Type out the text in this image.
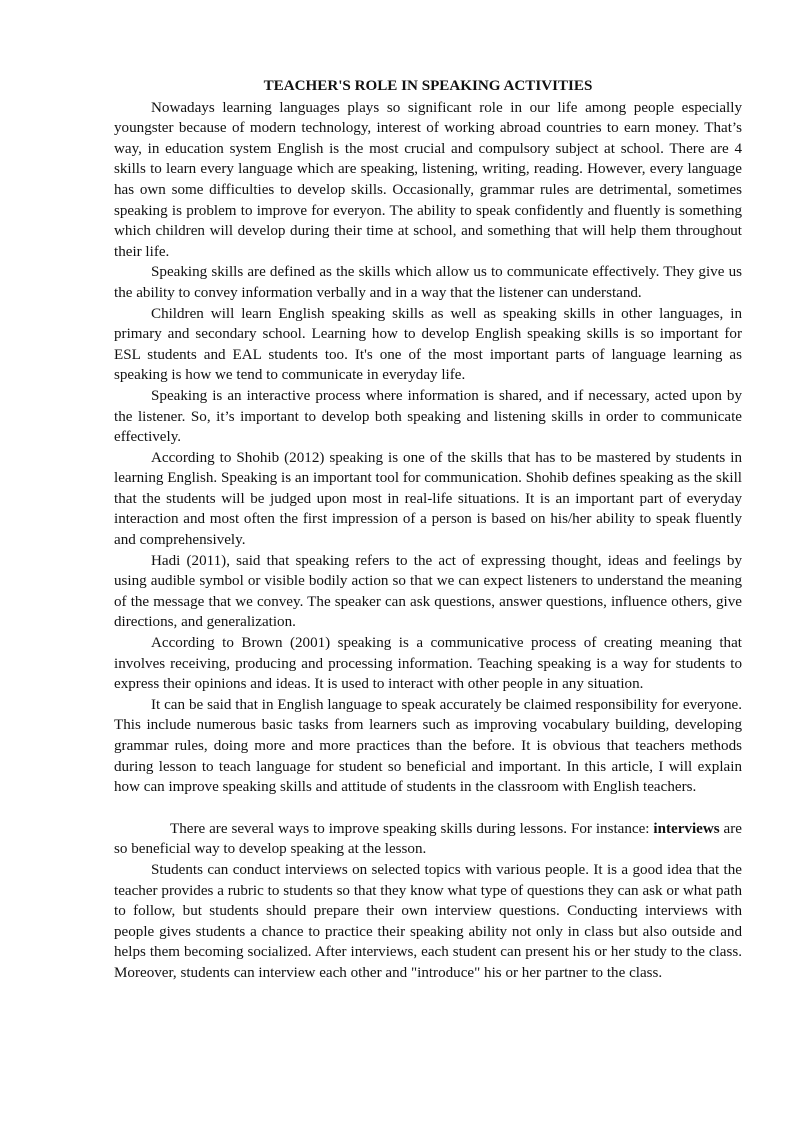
TEACHER'S ROLE IN SPEAKING ACTIVITIES

Nowadays learning languages plays so significant role in our life among people especially youngster because of modern technology, interest of working abroad countries to earn money. That’s way, in education system English is the most crucial and compulsory subject at school. There are 4 skills to learn every language which are speaking, listening, writing, reading. However, every language has own some difficulties to develop skills. Occasionally, grammar rules are detrimental, sometimes speaking is problem to improve for everyon. The ability to speak confidently and fluently is something which children will develop during their time at school, and something that will help them throughout their life.

Speaking skills are defined as the skills which allow us to communicate effectively. They give us the ability to convey information verbally and in a way that the listener can understand.

Children will learn English speaking skills as well as speaking skills in other languages, in primary and secondary school. Learning how to develop English speaking skills is so important for ESL students and EAL students too. It's one of the most important parts of language learning as speaking is how we tend to communicate in everyday life.

Speaking is an interactive process where information is shared, and if necessary, acted upon by the listener. So, it’s important to develop both speaking and listening skills in order to communicate effectively.

According to Shohib (2012) speaking is one of the skills that has to be mastered by students in learning English. Speaking is an important tool for communication. Shohib defines speaking as the skill that the students will be judged upon most in real-life situations. It is an important part of everyday interaction and most often the first impression of a person is based on his/her ability to speak fluently and comprehensively.

Hadi (2011), said that speaking refers to the act of expressing thought, ideas and feelings by using audible symbol or visible bodily action so that we can expect listeners to understand the meaning of the message that we convey. The speaker can ask questions, answer questions, influence others, give directions, and generalization.

According to Brown (2001) speaking is a communicative process of creating meaning that involves receiving, producing and processing information. Teaching speaking is a way for students to express their opinions and ideas. It is used to interact with other people in any situation.

It can be said that in English language to speak accurately be claimed responsibility for everyone. This include numerous basic tasks from learners such as improving vocabulary building, developing grammar rules, doing more and more practices than the before. It is obvious that teachers methods during lesson to teach language for student so beneficial and important. In this article, I will explain how can improve speaking skills and attitude of students in the classroom with English teachers.

There are several ways to improve speaking skills during lessons. For instance: interviews are so beneficial way to develop speaking at the lesson.

Students can conduct interviews on selected topics with various people. It is a good idea that the teacher provides a rubric to students so that they know what type of questions they can ask or what path to follow, but students should prepare their own interview questions. Conducting interviews with people gives students a chance to practice their speaking ability not only in class but also outside and helps them becoming socialized. After interviews, each student can present his or her study to the class. Moreover, students can interview each other and "introduce" his or her partner to the class.
